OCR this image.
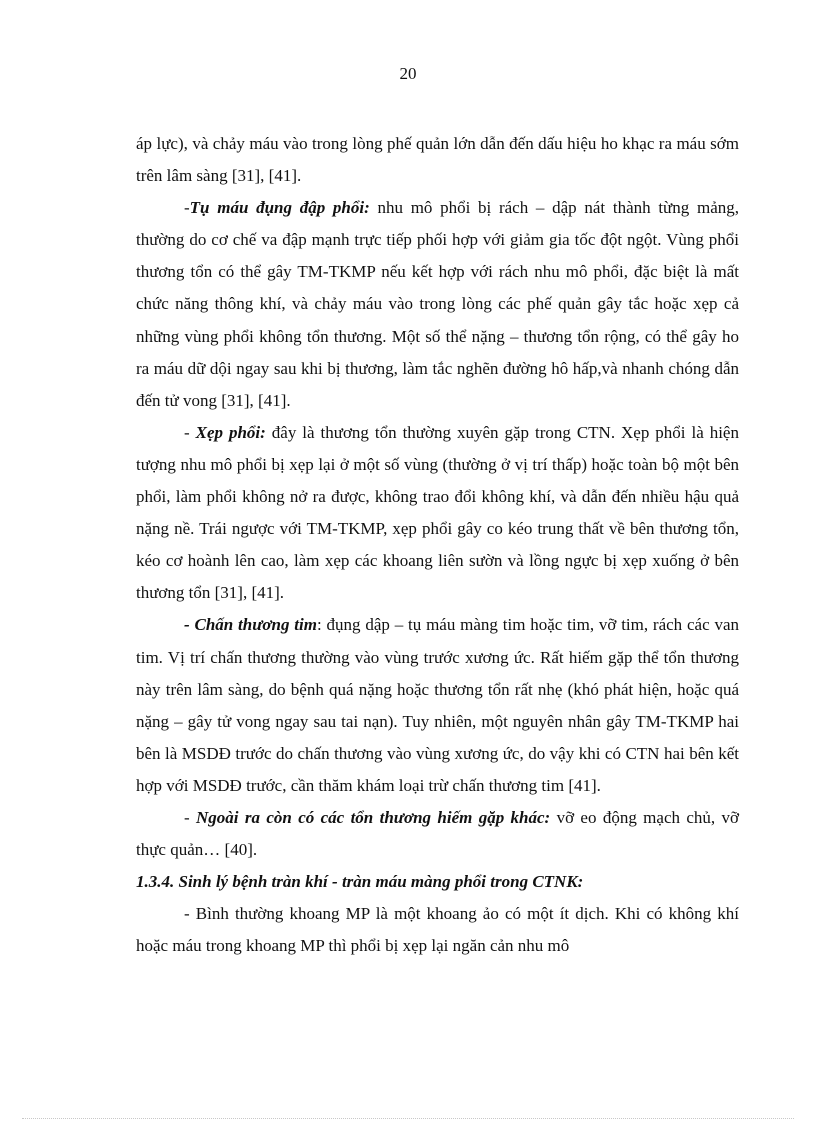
20

áp lực), và chảy máu vào trong lòng phế quản lớn dẫn đến dấu hiệu ho khạc ra máu sớm trên lâm sàng [31], [41].

-Tụ máu đụng đập phổi: nhu mô phổi bị rách – dập nát thành từng mảng, thường do cơ chế va đập mạnh trực tiếp phối hợp với giảm gia tốc đột ngột. Vùng phổi thương tổn có thể gây TM-TKMP nếu kết hợp với rách nhu mô phổi, đặc biệt là mất chức năng thông khí, và chảy máu vào trong lòng các phế quản gây tắc hoặc xẹp cả những vùng phổi không tổn thương. Một số thể nặng – thương tổn rộng, có thể gây ho ra máu dữ dội ngay sau khi bị thương, làm tắc nghẽn đường hô hấp,và nhanh chóng dẫn đến tử vong [31], [41].

- Xẹp phổi: đây là thương tổn thường xuyên gặp trong CTN. Xẹp phổi là hiện tượng nhu mô phổi bị xẹp lại ở một số vùng (thường ở vị trí thấp) hoặc toàn bộ một bên phổi, làm phổi không nở ra được, không trao đổi không khí, và dẫn đến nhiều hậu quả nặng nề. Trái ngược với TM-TKMP, xẹp phổi gây co kéo trung thất về bên thương tổn, kéo cơ hoành lên cao, làm xẹp các khoang liên sườn và lồng ngực bị xẹp xuống ở bên thương tổn [31], [41].

- Chấn thương tim: đụng dập – tụ máu màng tim hoặc tim, vỡ tim, rách các van tim. Vị trí chấn thương thường vào vùng trước xương ức. Rất hiếm gặp thể tổn thương này trên lâm sàng, do bệnh quá nặng hoặc thương tổn rất nhẹ (khó phát hiện, hoặc quá nặng – gây tử vong ngay sau tai nạn). Tuy nhiên, một nguyên nhân gây TM-TKMP hai bên là MSDĐ trước do chấn thương vào vùng xương ức, do vậy khi có CTN hai bên kết hợp với MSDĐ trước, cần thăm khám loại trừ chấn thương tim [41].

- Ngoài ra còn có các tổn thương hiếm gặp khác: vỡ eo động mạch chủ, vỡ thực quản… [40].

1.3.4. Sinh lý bệnh tràn khí - tràn máu màng phổi trong CTNK:

- Bình thường khoang MP là một khoang ảo có một ít dịch. Khi có không khí hoặc máu trong khoang MP thì phổi bị xẹp lại ngăn cản nhu mô
